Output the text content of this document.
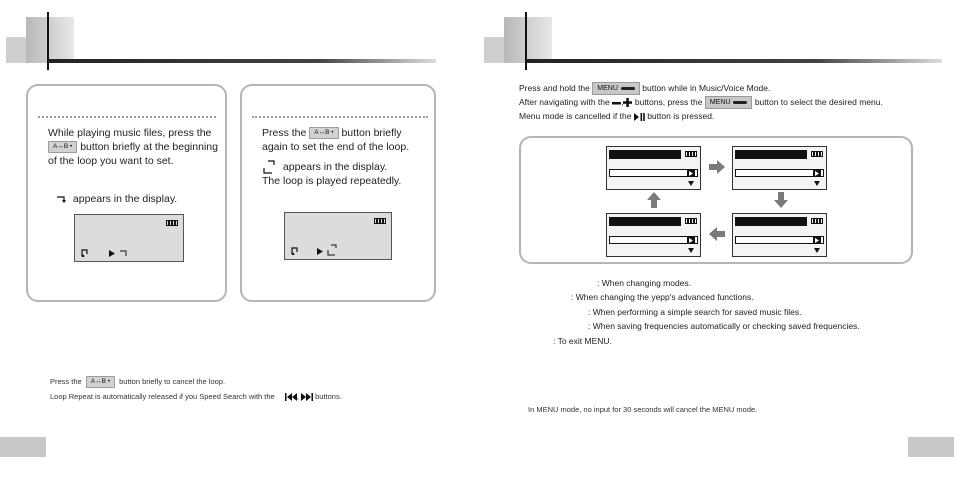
While playing music files, press the A↔B • button briefly at the beginning of the loop you want to set.
appears in the display.
Press the A↔B • button briefly again to set the end of the loop.
appears in the display.
The loop is played repeatedly.
Press the A↔B • button briefly to cancel the loop.
Loop Repeat is automatically released if you Speed Search with the	, buttons.
Press and hold the MENU	button while in Music/Voice Mode.
After navigating with the , buttons, press the MENU	button to select the desired menu.
Menu mode is cancelled if the button is pressed.
: When changing modes.
: When changing the yepp's advanced functions.
: When performing a simple search for saved music files.
: When saving frequencies automatically or checking saved frequencies.
: To exit MENU.
In MENU mode, no input for 30 seconds will cancel the MENU mode.
